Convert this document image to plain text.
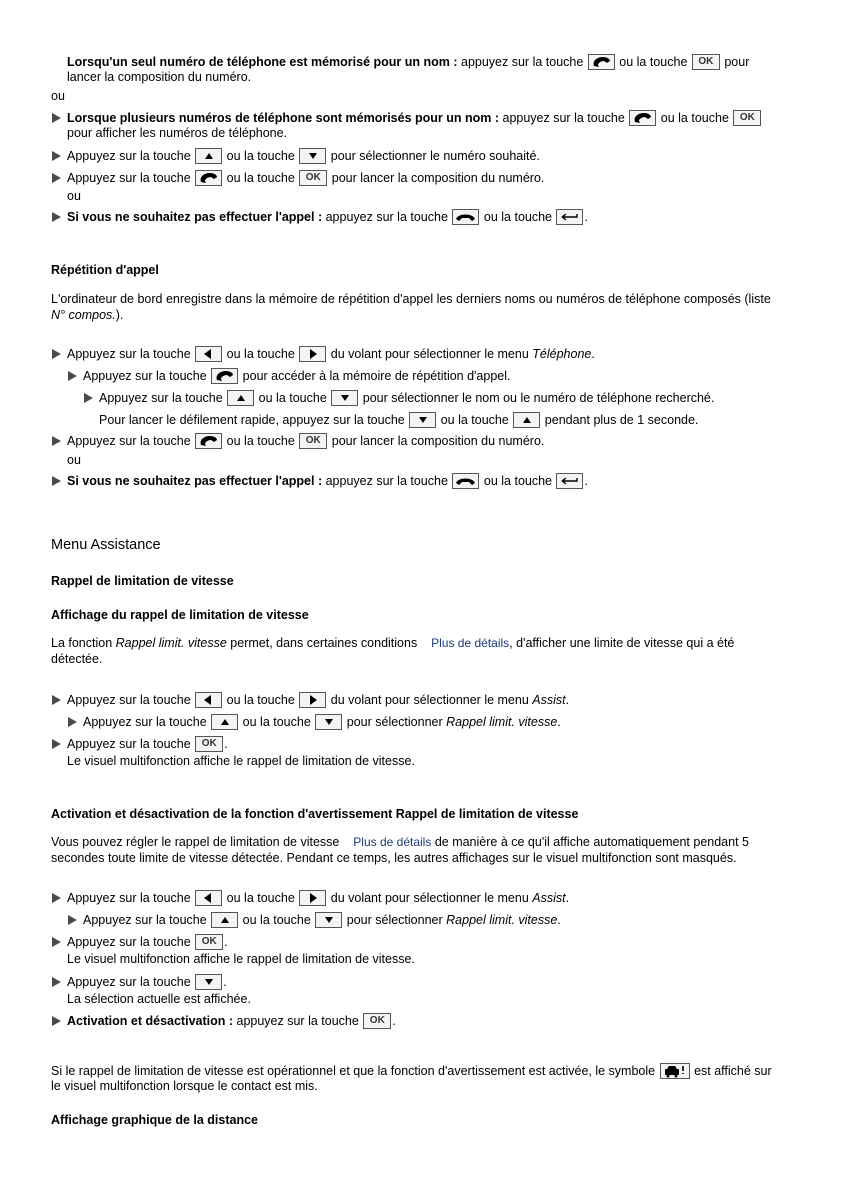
Lorsqu'un seul numéro de téléphone est mémorisé pour un nom : appuyez sur la touche	ou la touche	OK pour
lancer la composition du numéro.
ou
Lorsque plusieurs numéros de téléphone sont mémorisés pour un nom : appuyez sur la touche	ou la touche	OK
pour afficher les numéros de téléphone.
Appuyez sur la touche	ou la touche	pour sélectionner le numéro souhaité.
Appuyez sur la touche	ou la touche	OK pour lancer la composition du numéro.
ou
Si vous ne souhaitez pas effectuer l'appel : appuyez sur la touche	ou la touche	.
Répétition d'appel
L'ordinateur de bord enregistre dans la mémoire de répétition d'appel les derniers noms ou numéros de téléphone composés (liste
N° compos.).
Appuyez sur la touche	ou la touche	du volant pour sélectionner le menu Téléphone.
Appuyez sur la touche	pour accéder à la mémoire de répétition d'appel.
Appuyez sur la touche	ou la touche	pour sélectionner le nom ou le numéro de téléphone recherché.
Pour lancer le défilement rapide, appuyez sur la touche	ou la touche	pendant plus de 1 seconde.
Appuyez sur la touche	ou la touche	OK pour lancer la composition du numéro.
ou
Si vous ne souhaitez pas effectuer l'appel : appuyez sur la touche	ou la touche	.
Menu Assistance
Rappel de limitation de vitesse
Affichage du rappel de limitation de vitesse
La fonction Rappel limit. vitesse permet, dans certaines conditions Plus de détails, d'afficher une limite de vitesse qui a été
détectée.
Appuyez sur la touche	ou la touche	du volant pour sélectionner le menu Assist.
Appuyez sur la touche	ou la touche	pour sélectionner Rappel limit. vitesse.
Appuyez sur la touche	OK .
Le visuel multifonction affiche le rappel de limitation de vitesse.
Activation et désactivation de la fonction d'avertissement Rappel de limitation de vitesse
Vous pouvez régler le rappel de limitation de vitesse Plus de détails de manière à ce qu'il affiche automatiquement pendant 5
secondes toute limite de vitesse détectée. Pendant ce temps, les autres affichages sur le visuel multifonction sont masqués.
Appuyez sur la touche	ou la touche	du volant pour sélectionner le menu Assist.
Appuyez sur la touche	ou la touche	pour sélectionner Rappel limit. vitesse.
Appuyez sur la touche	OK .
Le visuel multifonction affiche le rappel de limitation de vitesse.
Appuyez sur la touche	.
La sélection actuelle est affichée.
Activation et désactivation : appuyez sur la touche	OK .
Si le rappel de limitation de vitesse est opérationnel et que la fonction d'avertissement est activée, le symbole	est affiché sur
le visuel multifonction lorsque le contact est mis.
Affichage graphique de la distance
